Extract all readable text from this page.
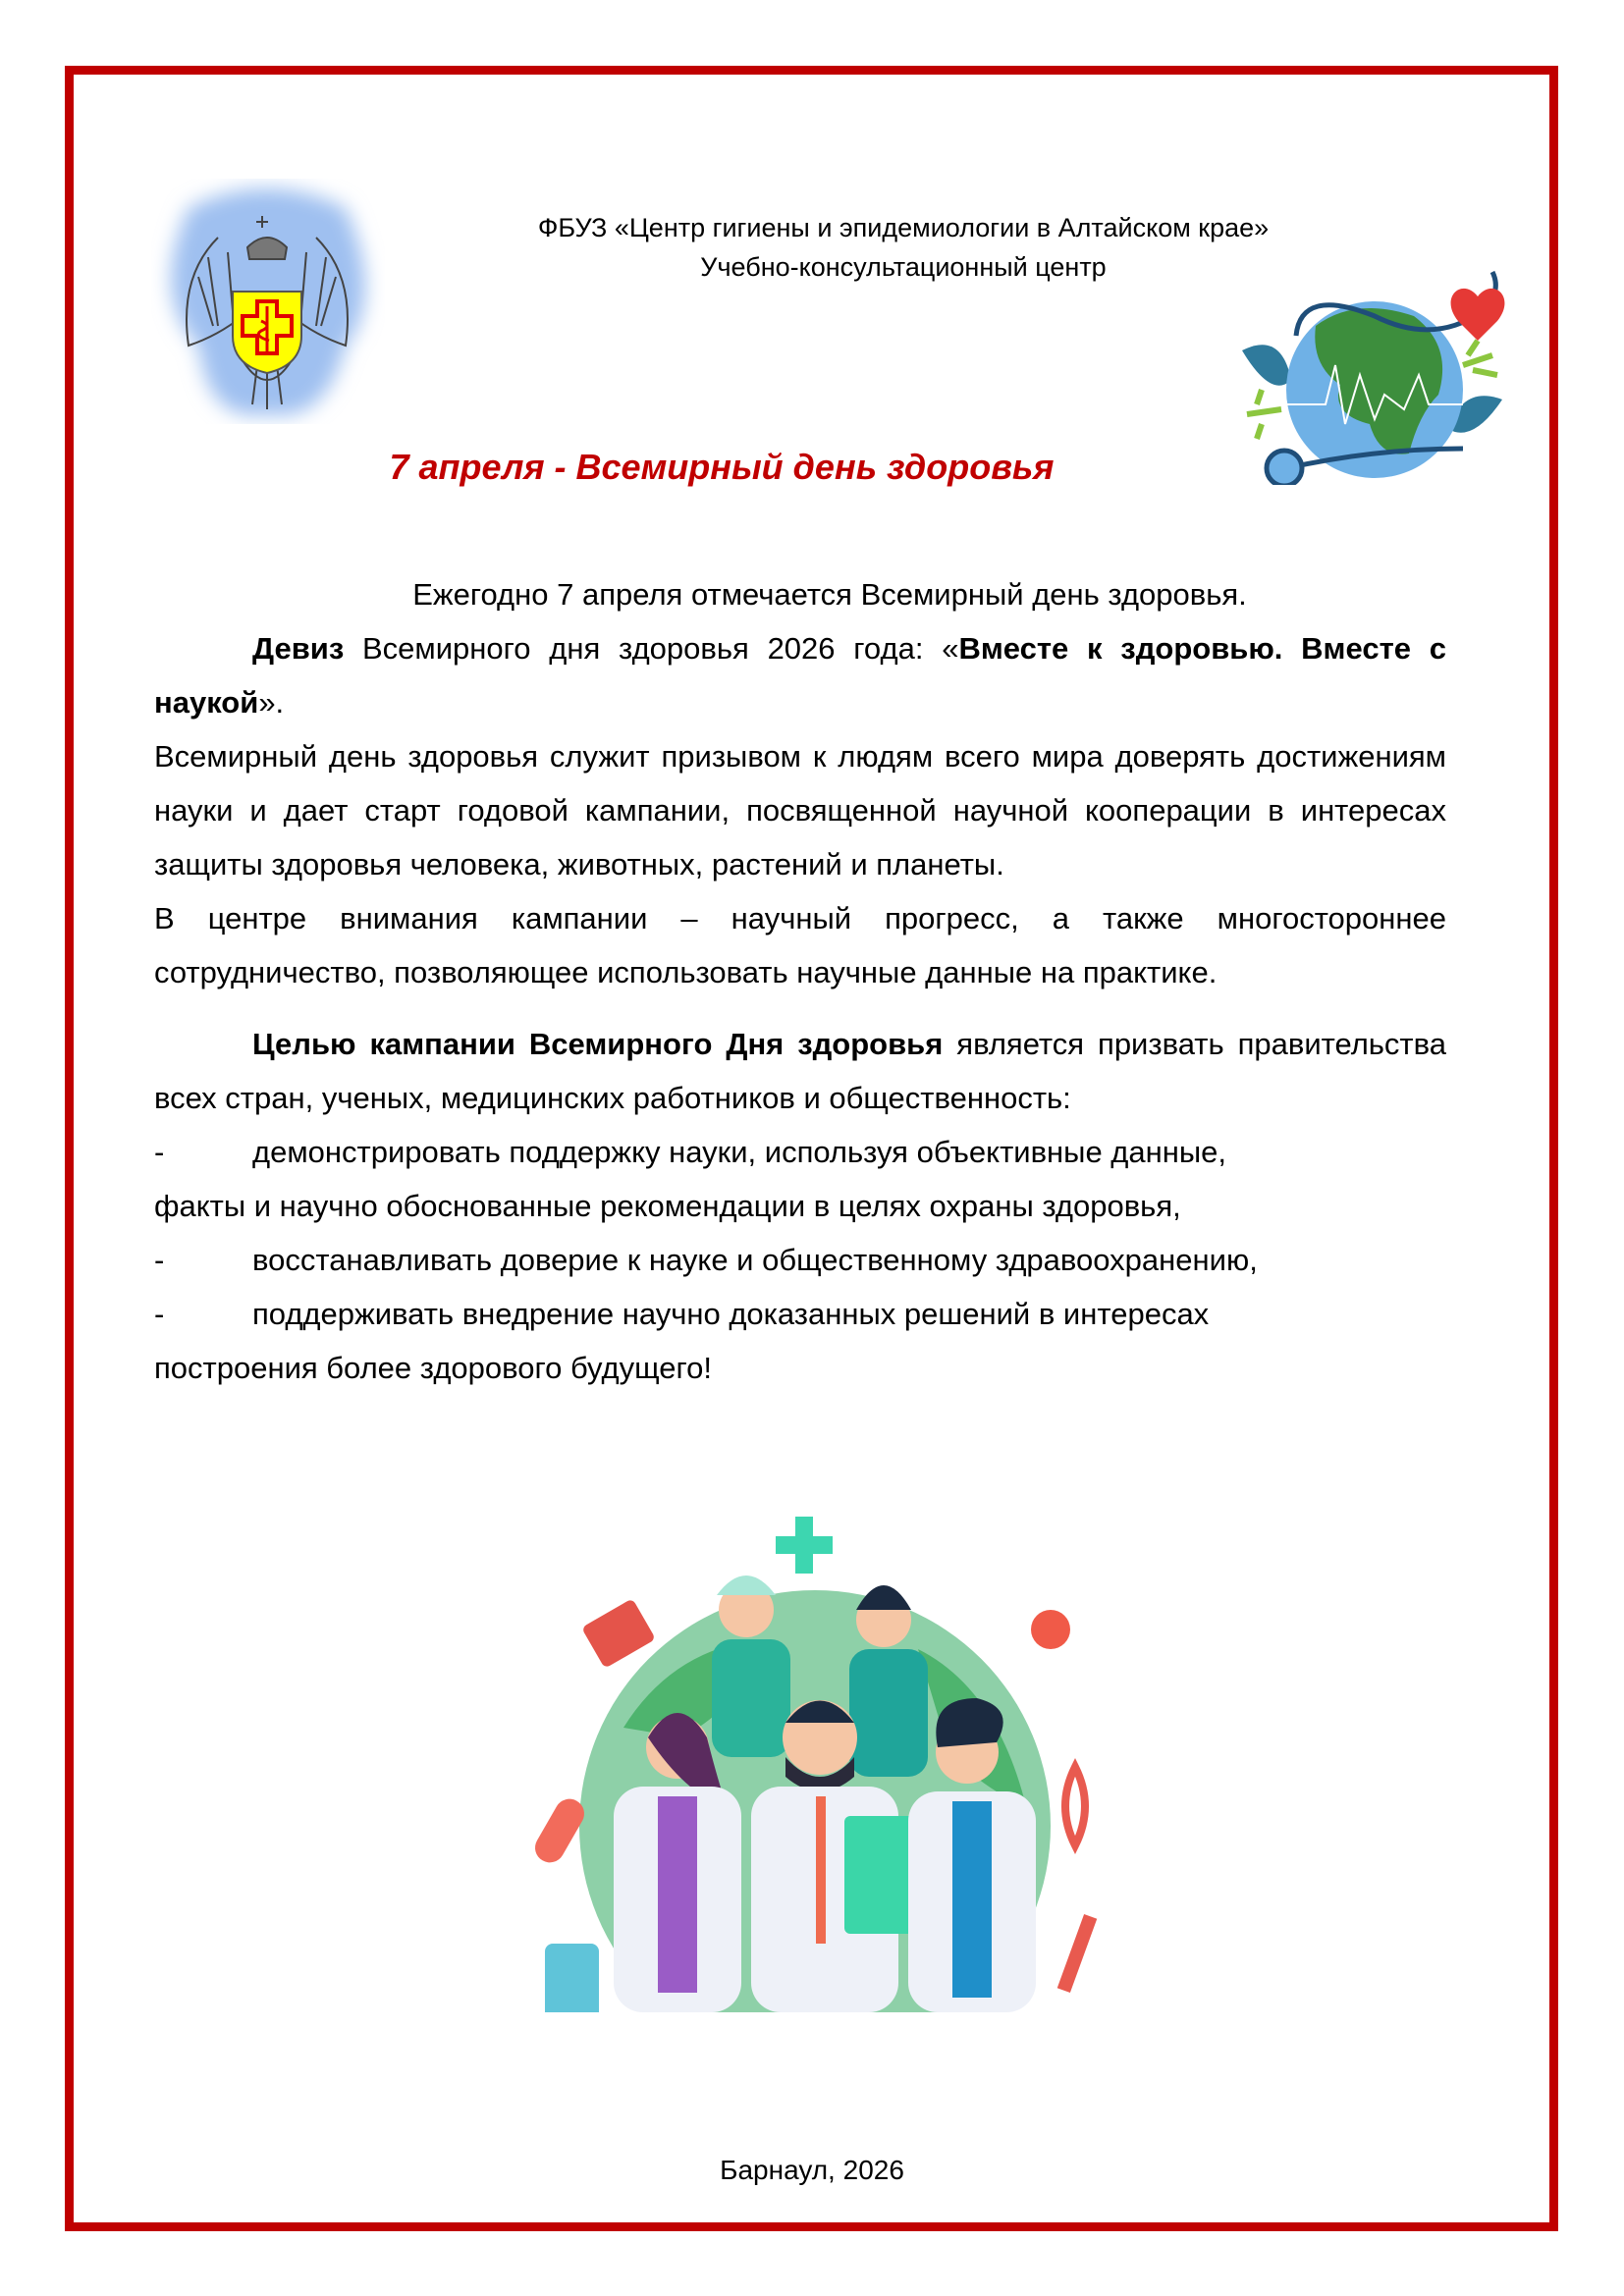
ФБУЗ «Центр гигиены и эпидемиологии в Алтайском крае»
Учебно-консультационный центр
7 апреля - Всемирный день здоровья

Ежегодно 7 апреля отмечается Всемирный день здоровья.

Девиз Всемирного дня здоровья 2026 года: «Вместе к здоровью. Вместе с наукой».

Всемирный день здоровья служит призывом к людям всего мира доверять достижениям науки и дает старт годовой кампании, посвященной научной кооперации в интересах защиты здоровья человека, животных, растений и планеты.

В центре внимания кампании – научный прогресс, а также многостороннее сотрудничество, позволяющее использовать научные данные на практике.

Целью кампании Всемирного Дня здоровья является призвать правительства всех стран, ученых, медицинских работников и общественность:

-	демонстрировать поддержку науки, используя объективные данные,

факты и научно обоснованные рекомендации в целях охраны здоровья,

-	восстанавливать доверие к науке и общественному здравоохранению,
-	поддерживать внедрение научно доказанных решений в интересах

построения более здорового будущего!

Барнаул, 2026
